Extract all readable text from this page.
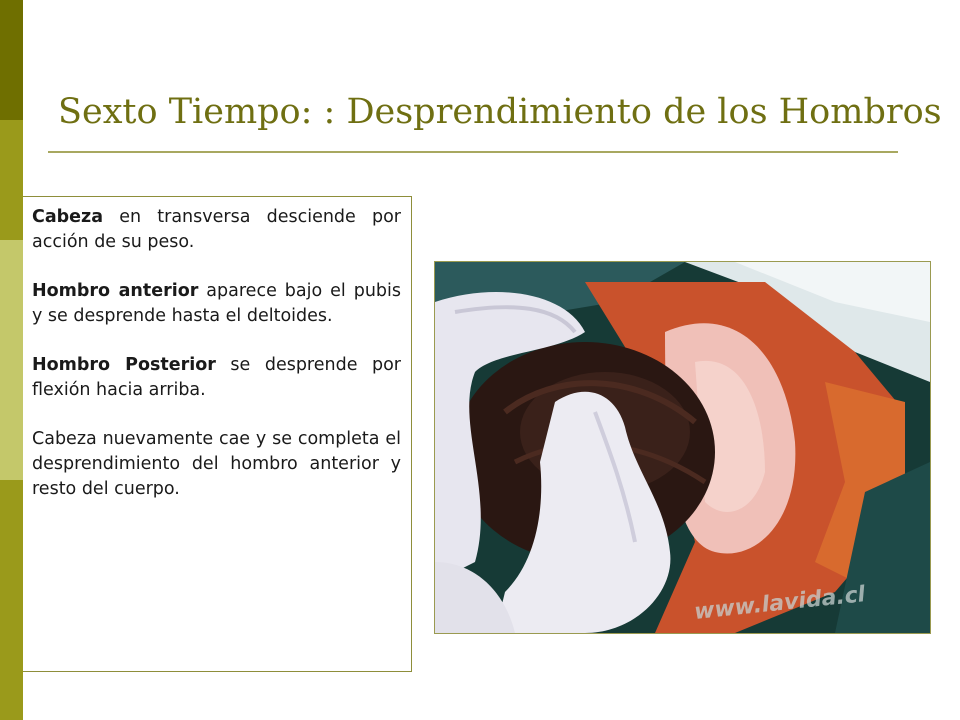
Sexto Tiempo: : Desprendimiento de los Hombros

Cabeza en transversa desciende por acción de su peso.

Hombro anterior aparece bajo el pubis y se desprende hasta el deltoides.

Hombro Posterior se desprende por flexión hacia arriba.

Cabeza nuevamente cae y se completa el desprendimiento del hombro anterior y resto del cuerpo.

www.lavida.cl
